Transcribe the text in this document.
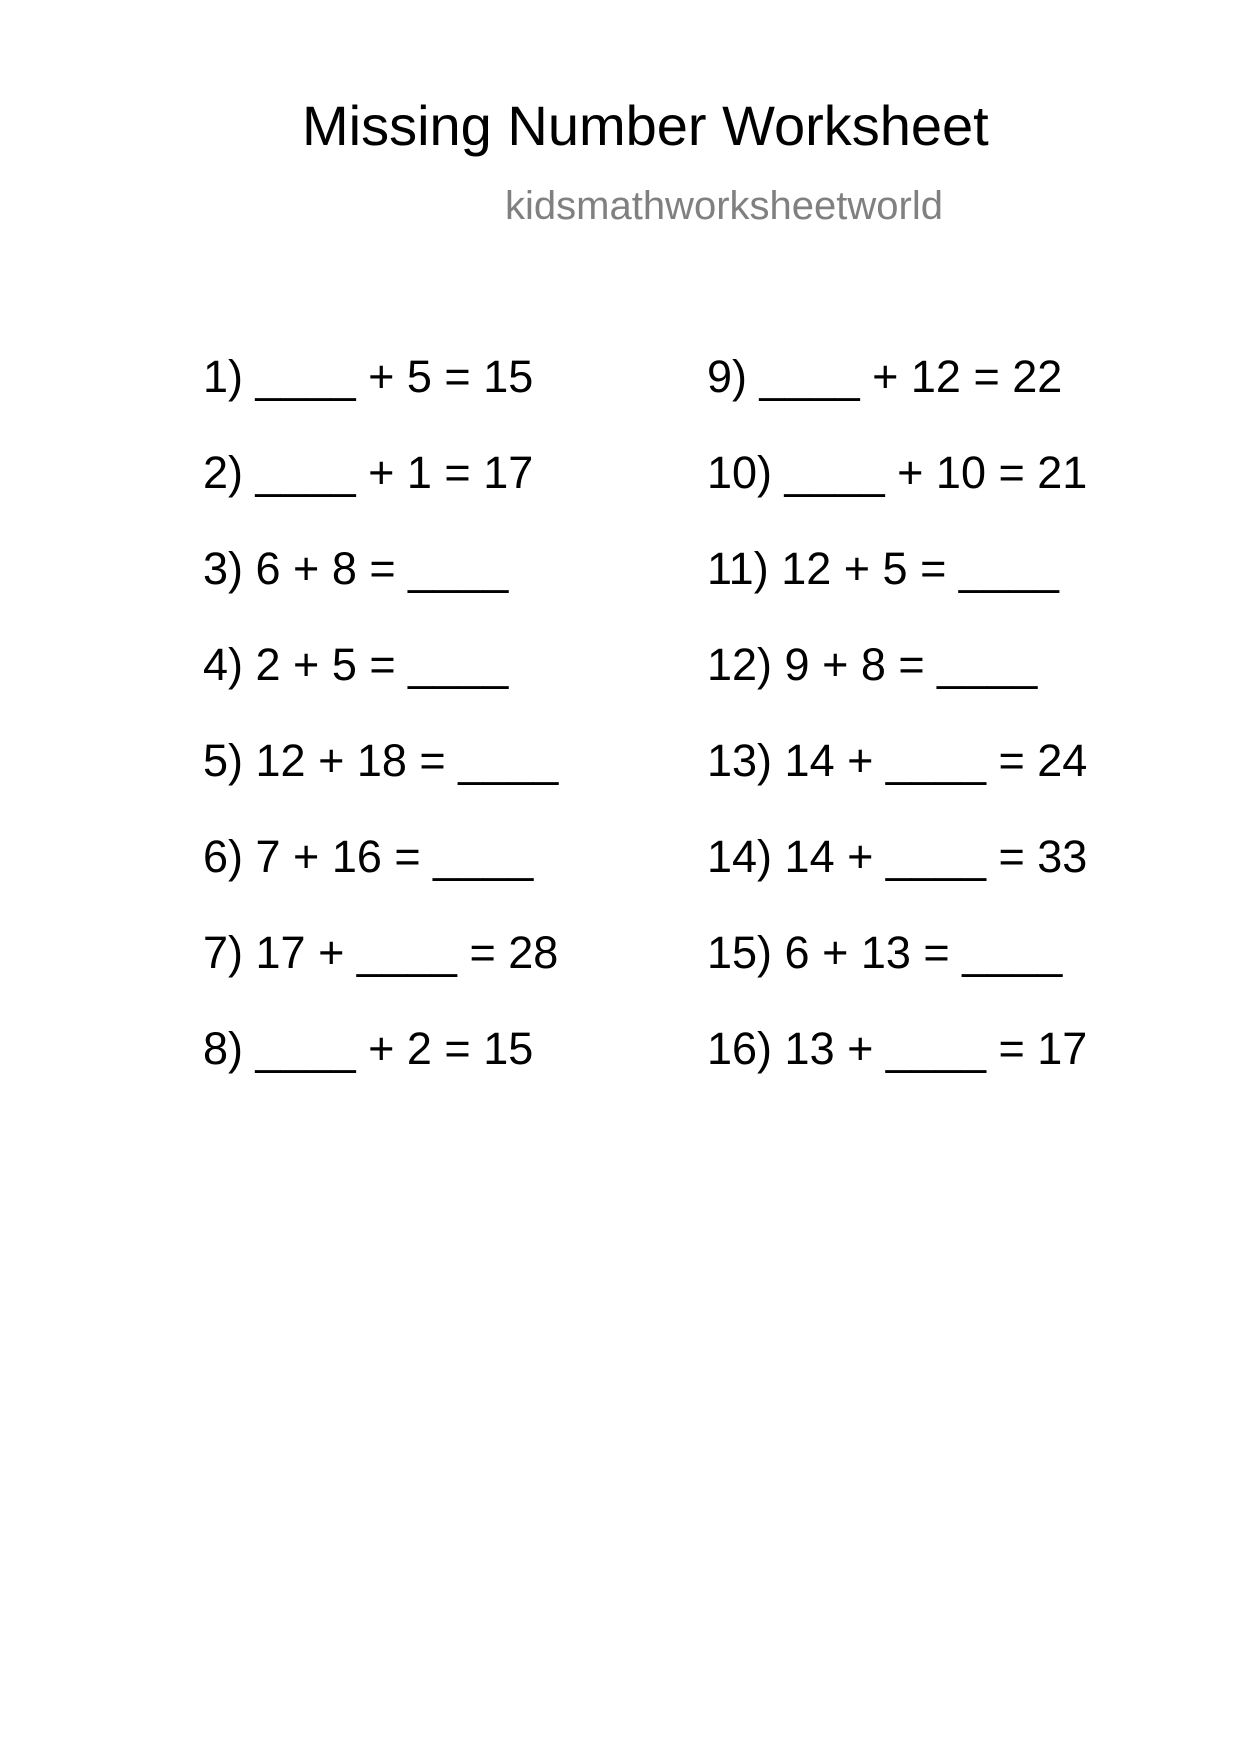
Missing Number Worksheet
kidsmathworksheetworld
1) ____ + 5 = 15
2) ____ + 1 = 17
3) 6 + 8 = ____
4) 2 + 5 = ____
5) 12 + 18 = ____
6) 7 + 16 = ____
7) 17 + ____ = 28
8) ____ + 2 = 15
9) ____ + 12 = 22
10) ____ + 10 = 21
11) 12 + 5 = ____
12) 9 + 8 = ____
13) 14 + ____ = 24
14) 14 + ____ = 33
15) 6 + 13 = ____
16) 13 + ____ = 17
